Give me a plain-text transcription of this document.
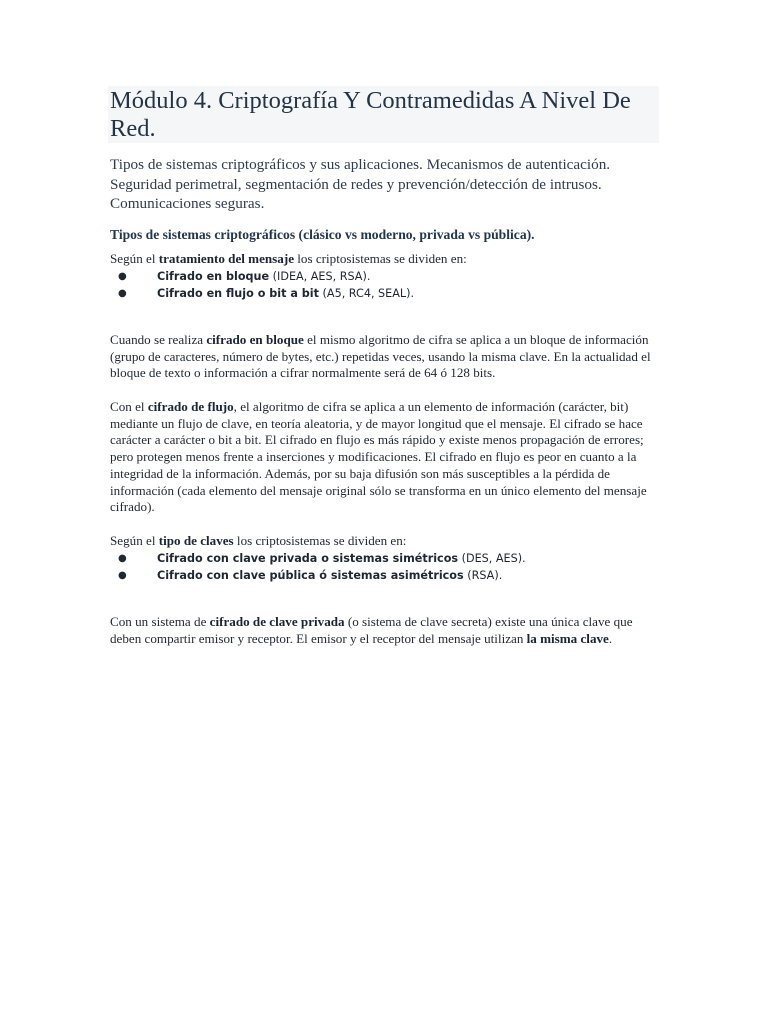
Módulo 4. Criptografía Y Contramedidas A Nivel De Red.

Tipos de sistemas criptográficos y sus aplicaciones. Mecanismos de autenticación. Seguridad perimetral, segmentación de redes y prevención/detección de intrusos. Comunicaciones seguras.

Tipos de sistemas criptográficos (clásico vs moderno, privada vs pública).

Según el tratamiento del mensaje los criptosistemas se dividen en:

●	Cifrado en bloque (IDEA, AES, RSA).
●	Cifrado en flujo o bit a bit (A5, RC4, SEAL).

Cuando se realiza cifrado en bloque el mismo algoritmo de cifra se aplica a un bloque de información (grupo de caracteres, número de bytes, etc.) repetidas veces, usando la misma clave. En la actualidad el bloque de texto o información a cifrar normalmente será de 64 ó 128 bits.

Con el cifrado de flujo, el algoritmo de cifra se aplica a un elemento de información (carácter, bit) mediante un flujo de clave, en teoría aleatoria, y de mayor longitud que el mensaje. El cifrado se hace carácter a carácter o bit a bit. El cifrado en flujo es más rápido y existe menos propagación de errores; pero protegen menos frente a inserciones y modificaciones. El cifrado en flujo es peor en cuanto a la integridad de la información. Además, por su baja difusión son más susceptibles a la pérdida de información (cada elemento del mensaje original sólo se transforma en un único elemento del mensaje cifrado).

Según el tipo de claves los criptosistemas se dividen en:

●	Cifrado con clave privada o sistemas simétricos (DES, AES).
●	Cifrado con clave pública ó sistemas asimétricos (RSA).

Con un sistema de cifrado de clave privada (o sistema de clave secreta) existe una única clave que deben compartir emisor y receptor. El emisor y el receptor del mensaje utilizan la misma clave.
